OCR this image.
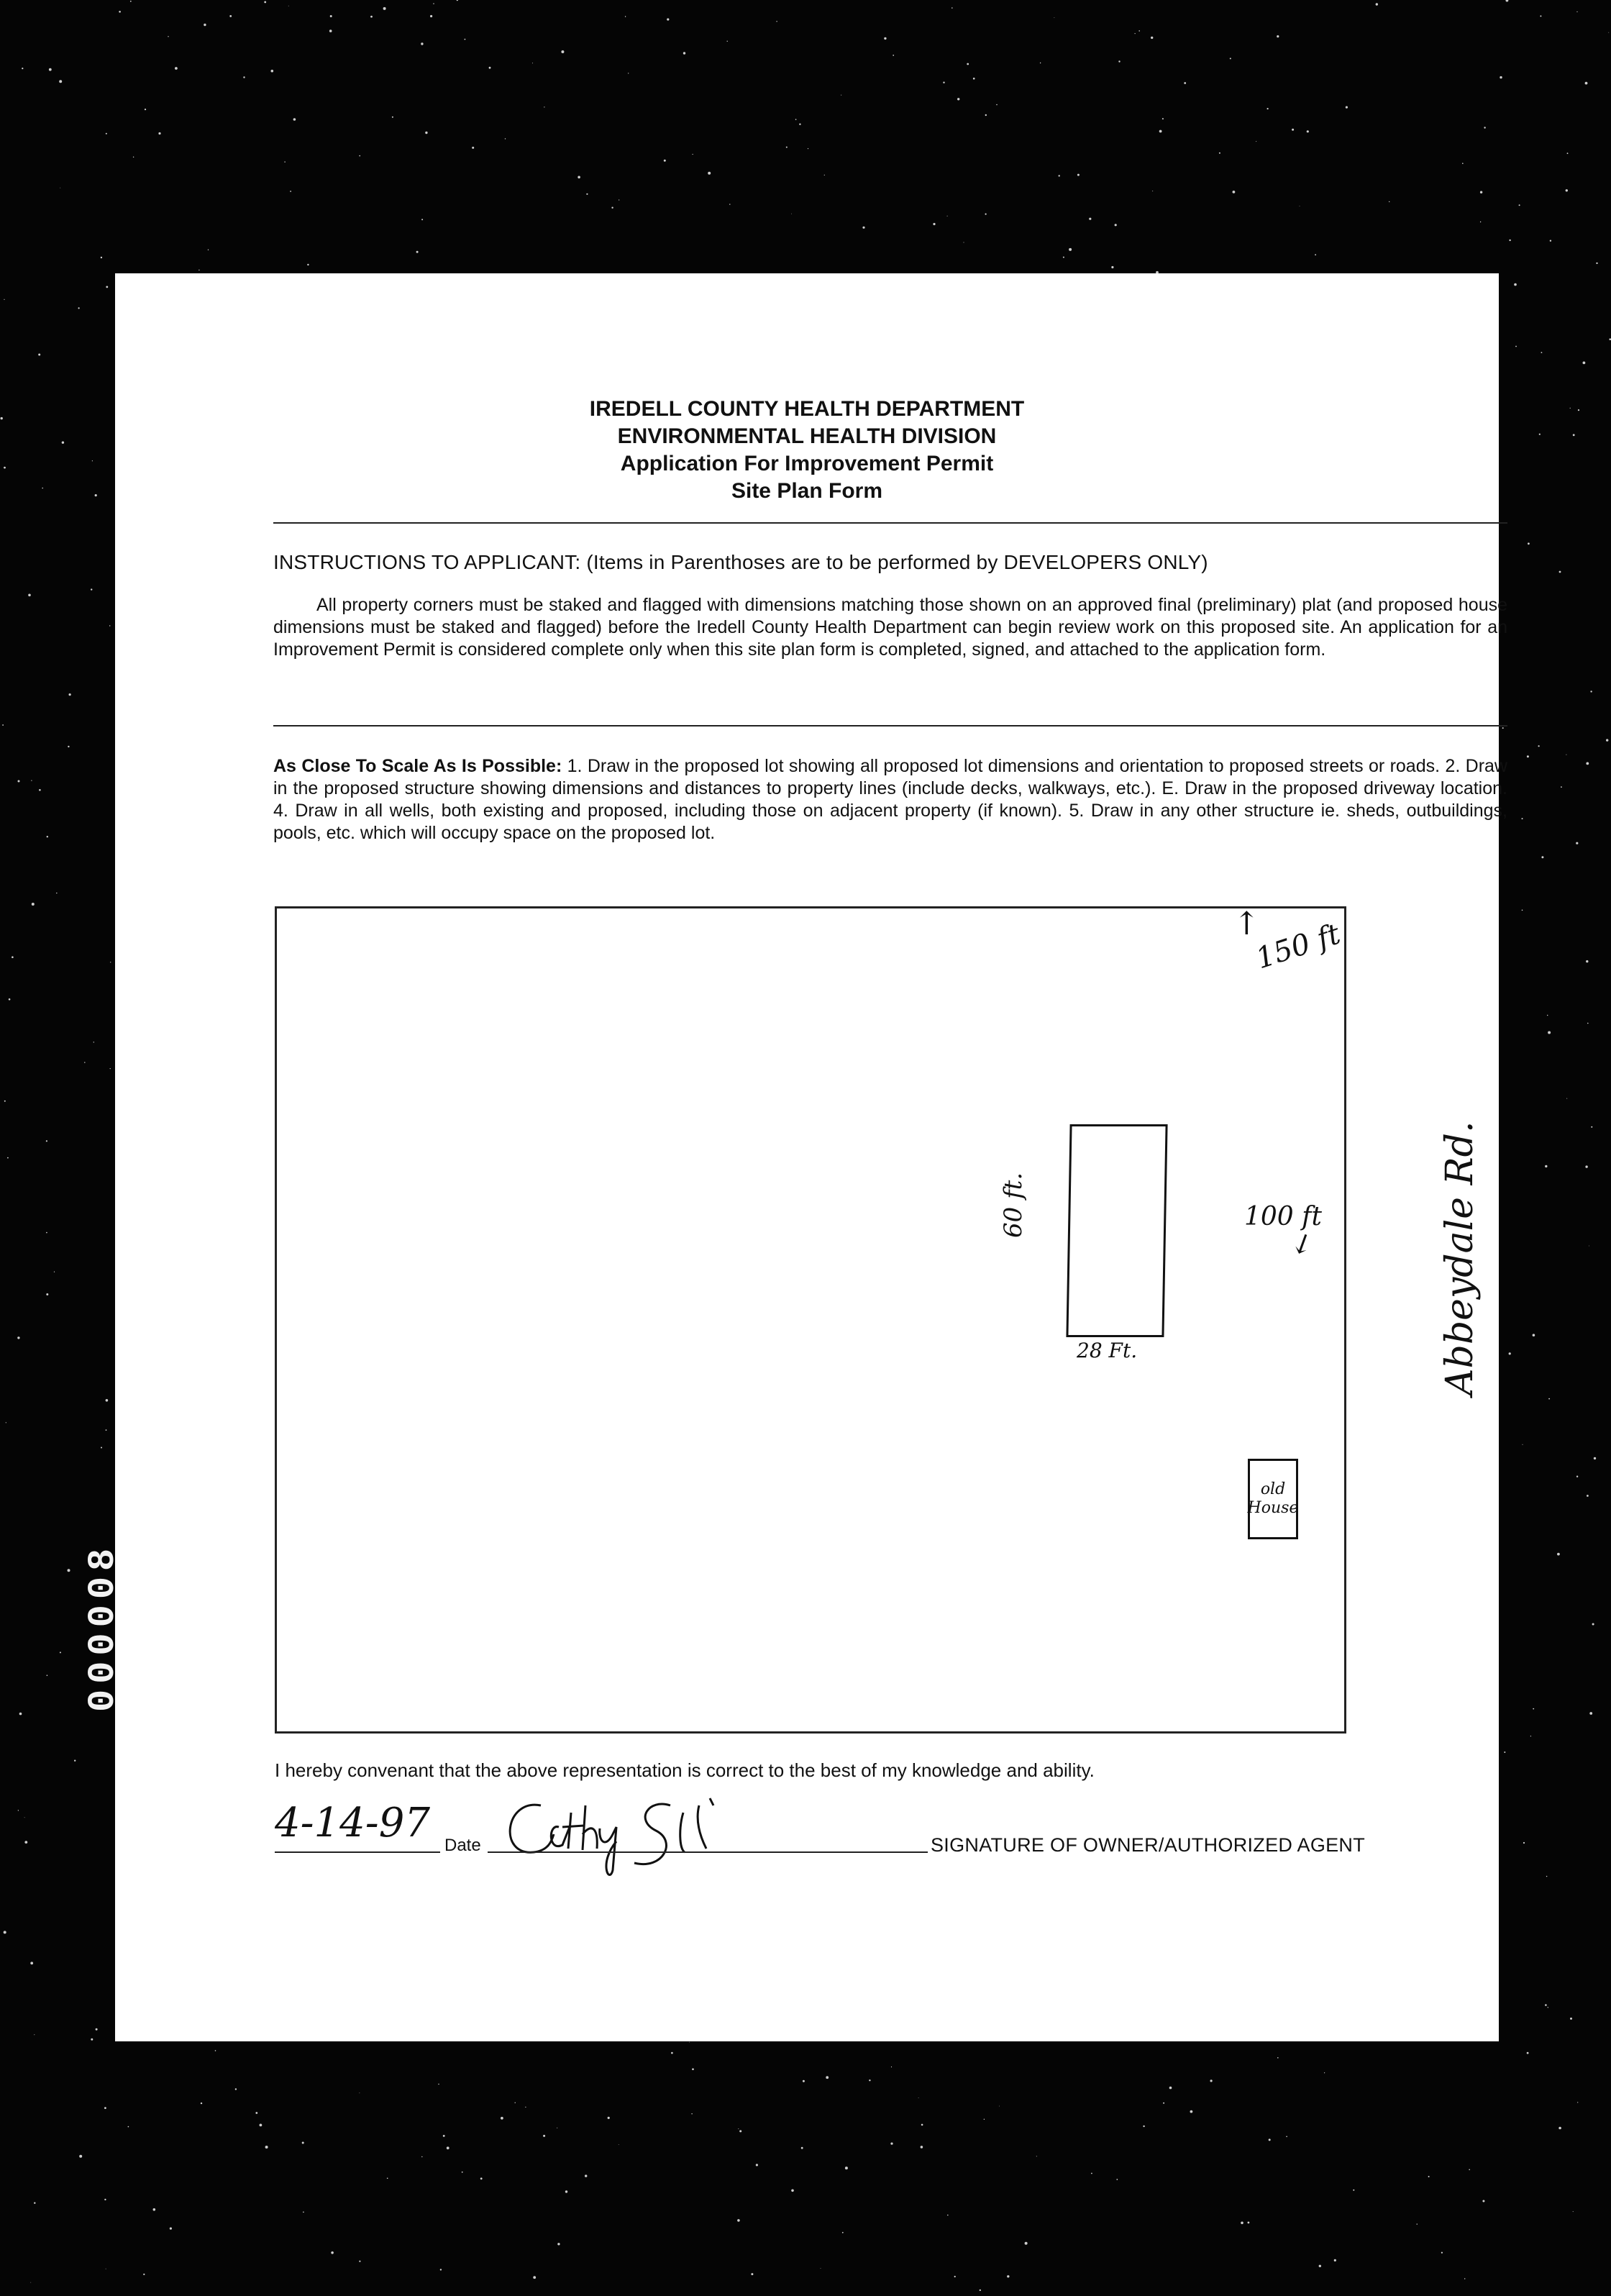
IREDELL COUNTY HEALTH DEPARTMENT
ENVIRONMENTAL HEALTH DIVISION
Application For Improvement Permit
Site Plan Form
INSTRUCTIONS TO APPLICANT: (Items in Parenthoses are to be performed by DEVELOPERS ONLY)
All property corners must be staked and flagged with dimensions matching those shown on an approved final (preliminary) plat (and proposed house dimensions must be staked and flagged) before the Iredell County Health Department can begin review work on this proposed site. An application for an Improvement Permit is considered complete only when this site plan form is completed, signed, and attached to the application form.
As Close To Scale As Is Possible: 1. Draw in the proposed lot showing all proposed lot dimensions and orientation to proposed streets or roads. 2. Draw in the proposed structure showing dimensions and distances to property lines (include decks, walkways, etc.). E. Draw in the proposed driveway location. 4. Draw in all wells, both existing and proposed, including those on adjacent property (if known). 5. Draw in any other structure ie. sheds, outbuildings, pools, etc. which will occupy space on the proposed lot.
↑
150 ft
60 ft.
28 Ft.
100 ft
↓
old
House
Abbeydale Rd.
I hereby convenant that the above representation is correct to the best of my knowledge and ability.
4-14-97 Date	SIGNATURE OF OWNER/AUTHORIZED AGENT
000008
